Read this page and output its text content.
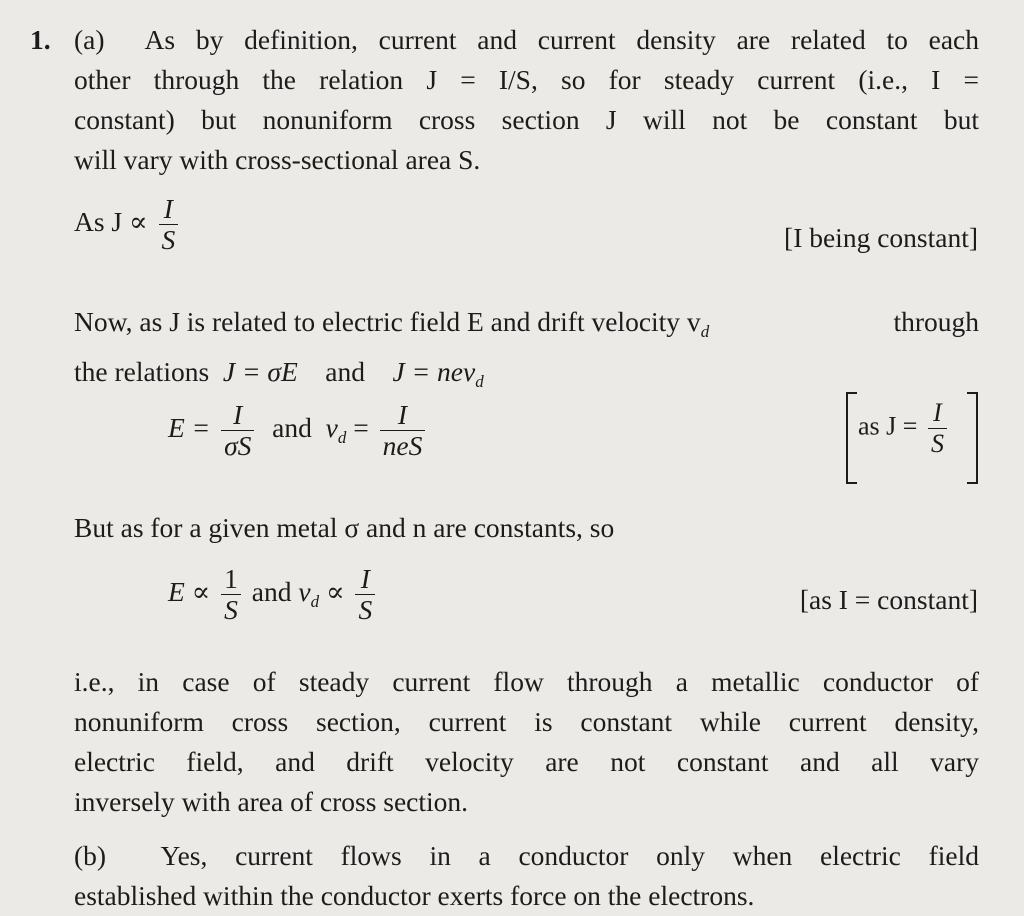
1. (a) As by definition, current and current density are related to each
other through the relation J = I/S, so for steady current (i.e., I =
constant) but nonuniform cross section J will not be constant but
will vary with cross-sectional area S.
As $J \propto \frac{I}{S}$	[I being constant]
Now, as J is related to electric field E and drift velocity $v_d$	through
the relations J = σE and J = nev$_d$
$E = \frac{I}{\sigma S}$ and $v_d = \frac{I}{\text{neS}}$	as $J = \frac{I}{S}$
But as for a given metal σ and n are constants, so
$E \propto \frac{1}{S}$ and $v_d \propto \frac{I}{S}$	[as I = constant]
i.e., in case of steady current flow through a metallic conductor of
nonuniform cross section, current is constant while current density,
electric field, and drift velocity are not constant and all vary
inversely with area of cross section.
(b) Yes, current flows in a conductor only when electric field
established within the conductor exerts force on the electrons.
